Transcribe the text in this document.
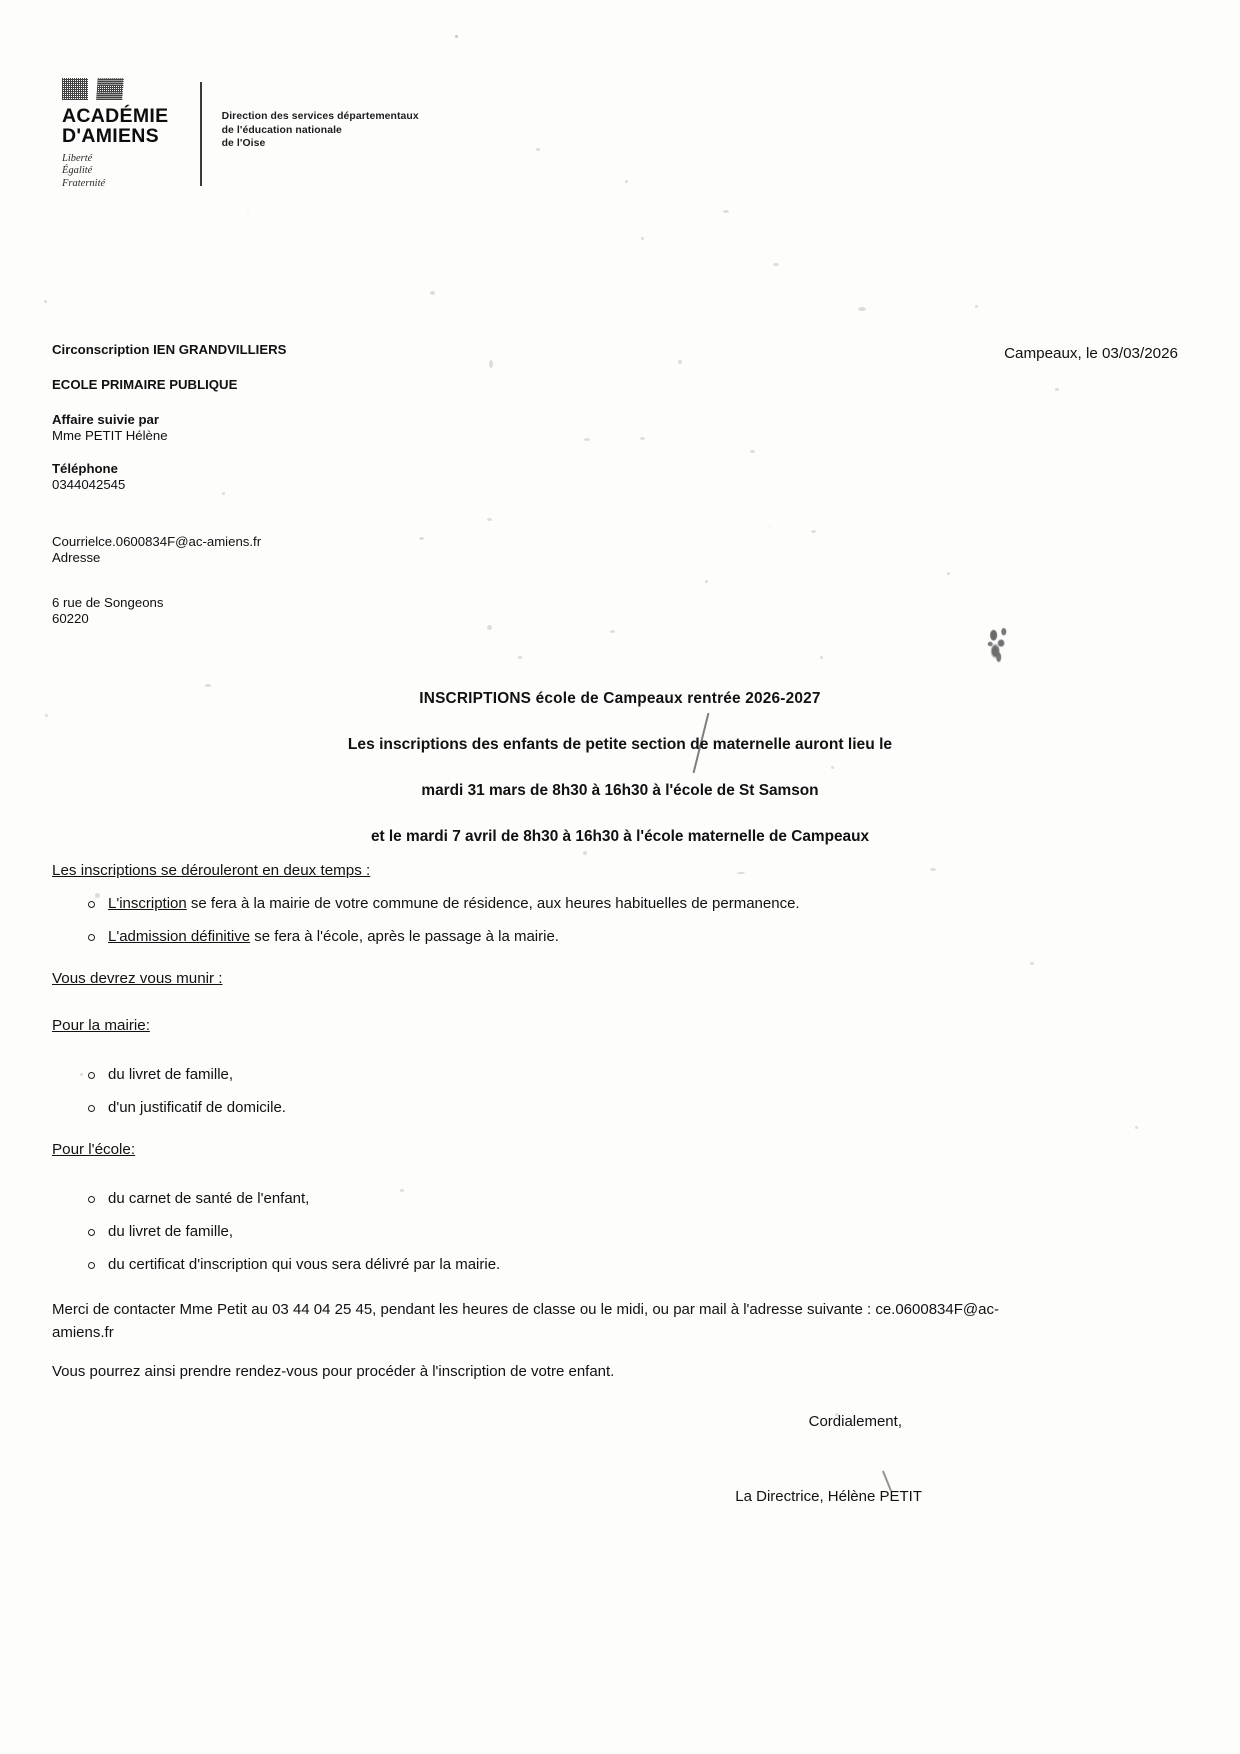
ACADÉMIE
D'AMIENS
Liberté
Égalité
Fraternité
Direction des services départementaux
de l'éducation nationale
de l'Oise
Circonscription IEN GRANDVILLIERS
ECOLE PRIMAIRE PUBLIQUE
Affaire suivie par
Mme PETIT Hélène
Téléphone
0344042545
Courrielce.0600834F@ac-amiens.fr
Adresse
6 rue de Songeons
60220
Campeaux, le 03/03/2026
INSCRIPTIONS école de Campeaux rentrée 2026-2027
Les inscriptions des enfants de petite section de maternelle auront lieu le
mardi 31 mars de 8h30 à 16h30 à l'école de St Samson
et le mardi 7 avril de 8h30 à 16h30 à l'école maternelle de Campeaux
Les inscriptions se dérouleront en deux temps :
L'inscription se fera à la mairie de votre commune de résidence, aux heures habituelles de permanence.
L'admission définitive se fera à l'école, après le passage à la mairie.
Vous devrez vous munir :
Pour la mairie:
du livret de famille,
d'un justificatif de domicile.
Pour l'école:
du carnet de santé de l'enfant,
du livret de famille,
du certificat d'inscription qui vous sera délivré par la mairie.
Merci de contacter Mme Petit au 03 44 04 25 45, pendant les heures de classe ou le midi, ou par mail à l'adresse suivante : ce.0600834F@ac-amiens.fr
Vous pourrez ainsi prendre rendez-vous pour procéder à l'inscription de votre enfant.
Cordialement,
La Directrice, Hélène PETIT
